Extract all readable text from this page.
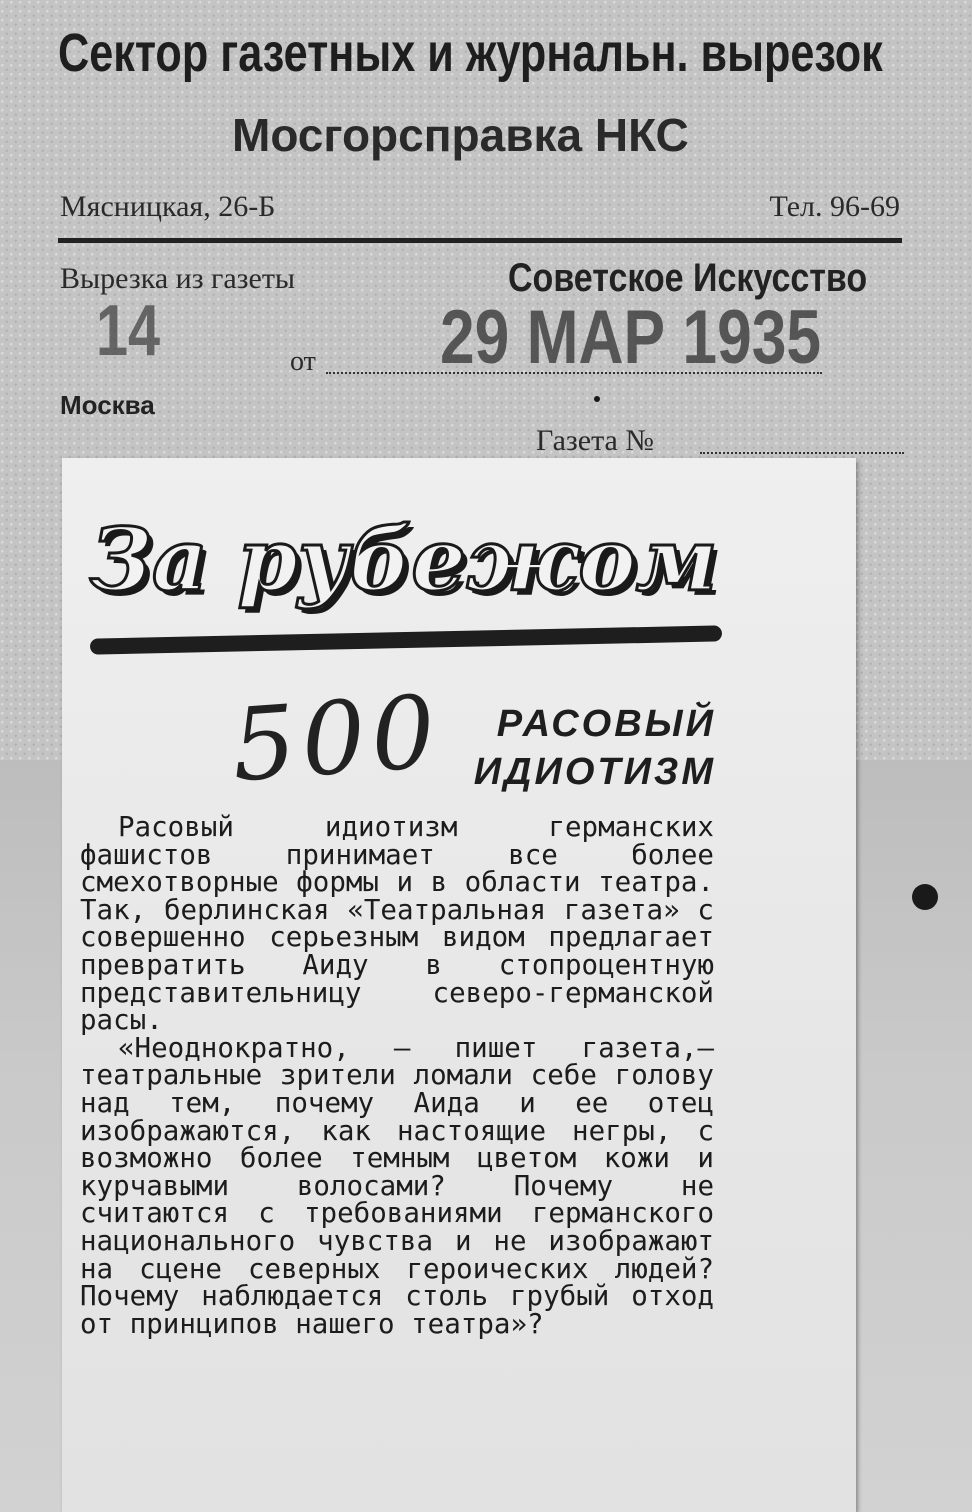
Сектор газетных и журнальн. вырезок
Мосгорсправка НКС
Мясницкая, 26-Б	Тел. 96-69
Вырезка из газеты	Советское Искусство
14	от 29 МАР 1935
Москва
Газета №
За рубежом
500	РАСОВЫЙ
ИДИОТИЗМ

Расовый идиотизм германских фашистов принимает все более смехотворные формы и в области театра. Так, берлинская «Театральная газета» с совершенно серьезным видом предлагает превратить Аиду в стопроцентную представительницу северо-германской расы.

«Неоднократно, — пишет газета,— театральные зрители ломали себе голову над тем, почему Аида и ее отец изображаются, как настоящие негры, с возможно более темным цветом кожи и курчавыми волосами? Почему не считаются с требованиями германского национального чувства и не изображают на сцене северных героических людей? Почему наблюдается столь грубый отход от принципов нашего театра»?
